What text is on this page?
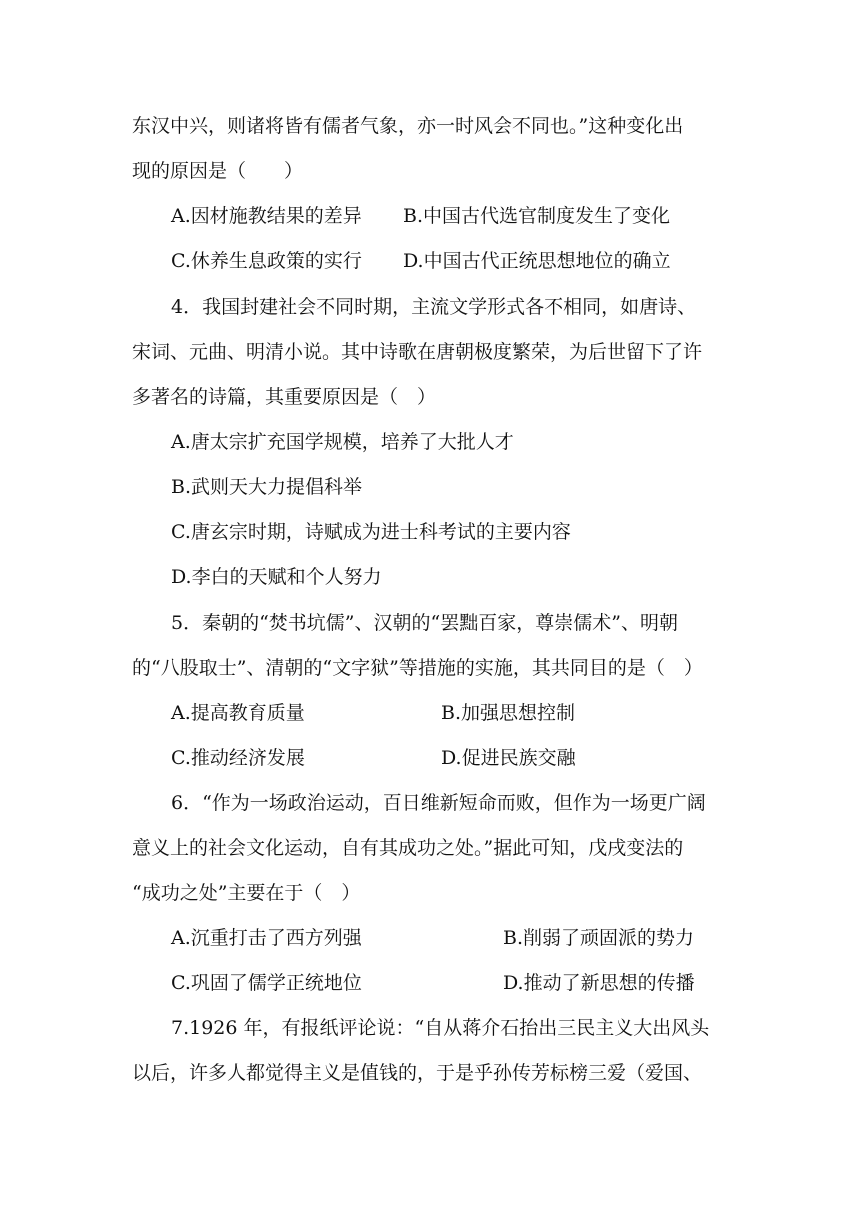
东汉中兴，则诸将皆有儒者气象，亦一时风会不同也。”这种变化出
现的原因是（　　）
A.因材施教结果的差异 B.中国古代选官制度发生了变化
C.休养生息政策的实行 D.中国古代正统思想地位的确立
4．我国封建社会不同时期，主流文学形式各不相同，如唐诗、
宋词、元曲、明清小说。其中诗歌在唐朝极度繁荣，为后世留下了许
多著名的诗篇，其重要原因是（　）
A.唐太宗扩充国学规模，培养了大批人才
B.武则天大力提倡科举
C.唐玄宗时期，诗赋成为进士科考试的主要内容
D.李白的天赋和个人努力
5．秦朝的“焚书坑儒”、汉朝的“罢黜百家，尊崇儒术”、明朝
的“八股取士”、清朝的“文字狱”等措施的实施，其共同目的是（　）
A.提高教育质量	B.加强思想控制
C.推动经济发展	D.促进民族交融
6．“作为一场政治运动，百日维新短命而败，但作为一场更广阔
意义上的社会文化运动，自有其成功之处。”据此可知，戊戌变法的
“成功之处”主要在于（　）
A.沉重打击了西方列强	B.削弱了顽固派的势力
C.巩固了儒学正统地位	D.推动了新思想的传播
7.1926 年，有报纸评论说：“自从蒋介石抬出三民主义大出风头
以后，许多人都觉得主义是值钱的，于是乎孙传芳标榜三爱（爱国、
